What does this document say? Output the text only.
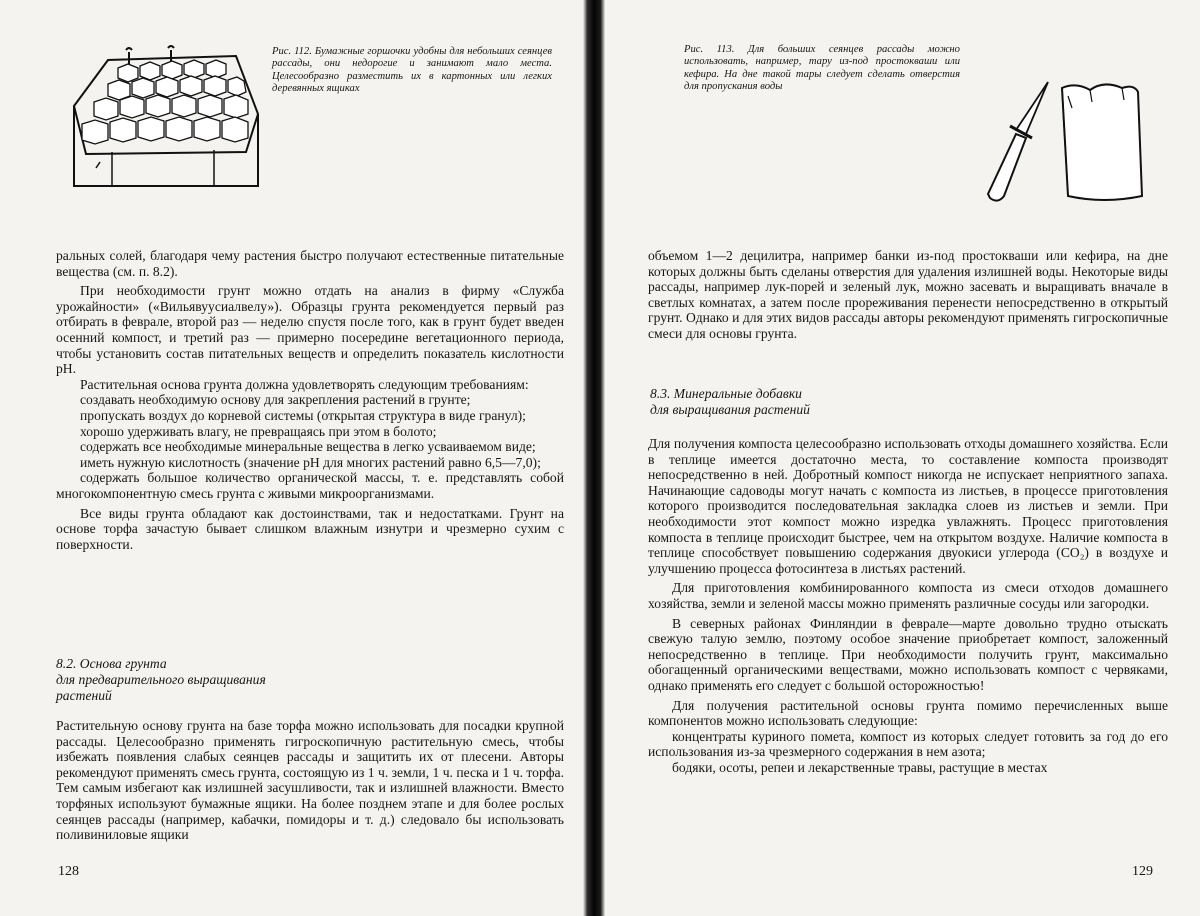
Рис. 112. Бумажные горшочки удобны для небольших сеянцев рассады, они недорогие и занимают мало места. Целесообразно разместить их в картонных или легких деревянных ящиках

ральных солей, благодаря чему растения быстро получают естественные питательные вещества (см. п. 8.2).

При необходимости грунт можно отдать на анализ в фирму «Служба урожайности» («Вильявуусиалвелу»). Образцы грунта рекомендуется первый раз отбирать в феврале, второй раз — неделю спустя после того, как в грунт будет введен осенний компост, и третий раз — примерно посередине вегетационного периода, чтобы установить состав питательных веществ и определить показатель кислотности рН.

Растительная основа грунта должна удовлетворять следующим требованиям:

создавать необходимую основу для закрепления растений в грунте;

пропускать воздух до корневой системы (открытая структура в виде гранул);

хорошо удерживать влагу, не превращаясь при этом в болото;

содержать все необходимые минеральные вещества в легко усваиваемом виде;

иметь нужную кислотность (значение рН для многих растений равно 6,5—7,0);

содержать большое количество органической массы, т. е. представлять собой многокомпонентную смесь грунта с живыми микроорганизмами.

Все виды грунта обладают как достоинствами, так и недостатками. Грунт на основе торфа зачастую бывает слишком влажным изнутри и чрезмерно сухим с поверхности.

8.2. Основа грунта
для предварительного выращивания
растений

Растительную основу грунта на базе торфа можно использовать для посадки крупной рассады. Целесообразно применять гигроскопичную растительную смесь, чтобы избежать появления слабых сеянцев рассады и защитить их от плесени. Авторы рекомендуют применять смесь грунта, состоящую из 1 ч. земли, 1 ч. песка и 1 ч. торфа. Тем самым избегают как излишней засушливости, так и излишней влажности. Вместо торфяных используют бумажные ящики. На более позднем этапе и для более рослых сеянцев рассады (например, кабачки, помидоры и т. д.) следовало бы использовать поливиниловые ящики

128

Рис. 113. Для больших сеянцев рассады можно использовать, например, тару из-под простокваши или кефира. На дне такой тары следует сделать отверстия для пропускания воды

объемом 1—2 децилитра, например банки из-под простокваши или кефира, на дне которых должны быть сделаны отверстия для удаления излишней воды. Некоторые виды рассады, например лук-порей и зеленый лук, можно засевать и выращивать вначале в светлых комнатах, а затем после прореживания перенести непосредственно в открытый грунт. Однако и для этих видов рассады авторы рекомендуют применять гигроскопичные смеси для основы грунта.

8.3. Минеральные добавки
для выращивания растений

Для получения компоста целесообразно использовать отходы домашнего хозяйства. Если в теплице имеется достаточно места, то составление компоста производят непосредственно в ней. Добротный компост никогда не испускает неприятного запаха. Начинающие садоводы могут начать с компоста из листьев, в процессе приготовления которого производится последовательная закладка слоев из листьев и земли. При необходимости этот компост можно изредка увлажнять. Процесс приготовления компоста в теплице происходит быстрее, чем на открытом воздухе. Наличие компоста в теплице способствует повышению содержания двуокиси углерода (CO₂) в воздухе и улучшению процесса фотосинтеза в листьях растений.

Для приготовления комбинированного компоста из смеси отходов домашнего хозяйства, земли и зеленой массы можно применять различные сосуды или загородки.

В северных районах Финляндии в феврале—марте довольно трудно отыскать свежую талую землю, поэтому особое значение приобретает компост, заложенный непосредственно в теплице. При необходимости получить грунт, максимально обогащенный органическими веществами, можно использовать компост с червяками, однако применять его следует с большой осторожностью!

Для получения растительной основы грунта помимо перечисленных выше компонентов можно использовать следующие:

концентраты куриного помета, компост из которых следует готовить за год до его использования из-за чрезмерного содержания в нем азота;

бодяки, осоты, репеи и лекарственные травы, растущие в местах

129
